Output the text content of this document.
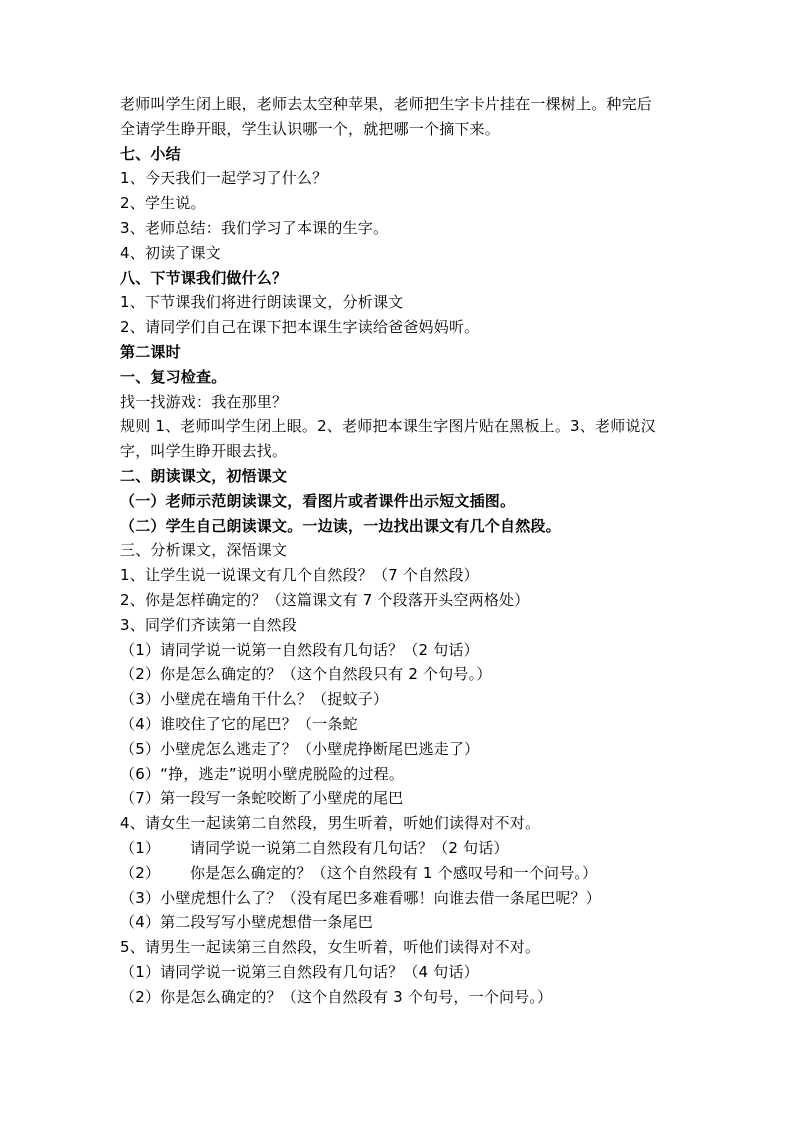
老师叫学生闭上眼，老师去太空种苹果，老师把生字卡片挂在一棵树上。种完后
全请学生睁开眼，学生认识哪一个，就把哪一个摘下来。
七、小结
1、今天我们一起学习了什么？
2、学生说。
3、老师总结：我们学习了本课的生字。
4、初读了课文
八、下节课我们做什么？
1、下节课我们将进行朗读课文，分析课文
2、请同学们自己在课下把本课生字读给爸爸妈妈听。
第二课时
一、复习检查。
找一找游戏：我在那里？
规则 1、老师叫学生闭上眼。2、老师把本课生字图片贴在黑板上。3、老师说汉
字，叫学生睁开眼去找。
二、朗读课文，初悟课文
（一）老师示范朗读课文，看图片或者课件出示短文插图。
（二）学生自己朗读课文。一边读，一边找出课文有几个自然段。
三、分析课文，深悟课文
1、让学生说一说课文有几个自然段？（7 个自然段）
2、你是怎样确定的？（这篇课文有 7 个段落开头空两格处）
3、同学们齐读第一自然段
（1）请同学说一说第一自然段有几句话？（2 句话）
（2）你是怎么确定的？（这个自然段只有 2 个句号。）
（3）小壁虎在墙角干什么？（捉蚊子）
（4）谁咬住了它的尾巴？（一条蛇
（5）小壁虎怎么逃走了？（小壁虎挣断尾巴逃走了）
（6）“挣，逃走”说明小壁虎脱险的过程。
（7）第一段写一条蛇咬断了小壁虎的尾巴
4、请女生一起读第二自然段，男生听着，听她们读得对不对。
（1）      请同学说一说第二自然段有几句话？（2 句话）
（2）      你是怎么确定的？（这个自然段有 1 个感叹号和一个问号。）
（3）小壁虎想什么了？（没有尾巴多难看哪！向谁去借一条尾巴呢？）
（4）第二段写写小壁虎想借一条尾巴
5、请男生一起读第三自然段，女生听着，听他们读得对不对。
（1）请同学说一说第三自然段有几句话？（4 句话）
（2）你是怎么确定的？（这个自然段有 3 个句号，一个问号。）
